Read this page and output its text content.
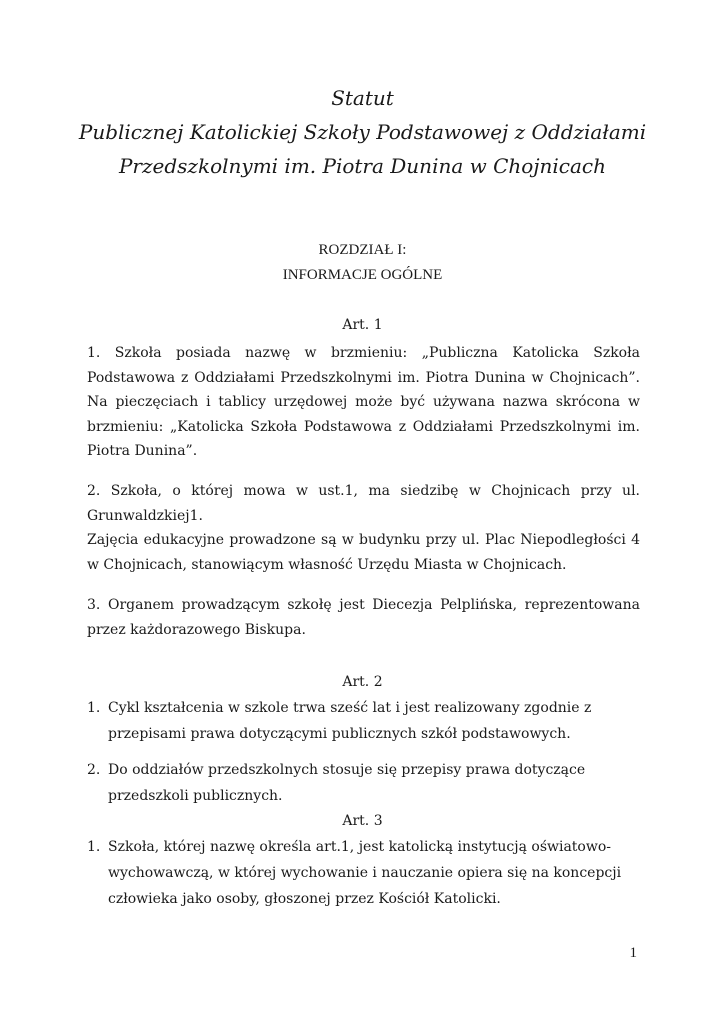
Statut
Publicznej Katolickiej Szkoły Podstawowej z Oddziałami
Przedszkolnymi im. Piotra Dunina w Chojnicach
ROZDZIAŁ I:
INFORMACJE OGÓLNE
Art. 1
1. Szkoła posiada nazwę w brzmieniu: „Publiczna Katolicka Szkoła
Podstawowa z Oddziałami Przedszkolnymi im. Piotra Dunina w Chojnicach”.
Na pieczęciach i tablicy urzędowej może być używana nazwa skrócona w
brzmieniu: „Katolicka Szkoła Podstawowa z Oddziałami Przedszkolnymi im.
Piotra Dunina”.
2. Szkoła, o której mowa w ust.1, ma siedzibę w Chojnicach przy ul.
Grunwaldzkiej1.
Zajęcia edukacyjne prowadzone są w budynku przy ul. Plac Niepodległości 4
w Chojnicach, stanowiącym własność Urzędu Miasta w Chojnicach.
3. Organem prowadzącym szkołę jest Diecezja Pelplińska, reprezentowana
przez każdorazowego Biskupa.
Art. 2
1. Cykl kształcenia w szkole trwa sześć lat i jest realizowany zgodnie z
przepisami prawa dotyczącymi publicznych szkół podstawowych.
2. Do oddziałów przedszkolnych stosuje się przepisy prawa dotyczące
przedszkoli publicznych.
Art. 3
1. Szkoła, której nazwę określa art.1, jest katolicką instytucją oświatowo-
wychowawczą, w której wychowanie i nauczanie opiera się na koncepcji
człowieka jako osoby, głoszonej przez Kościół Katolicki.
1
